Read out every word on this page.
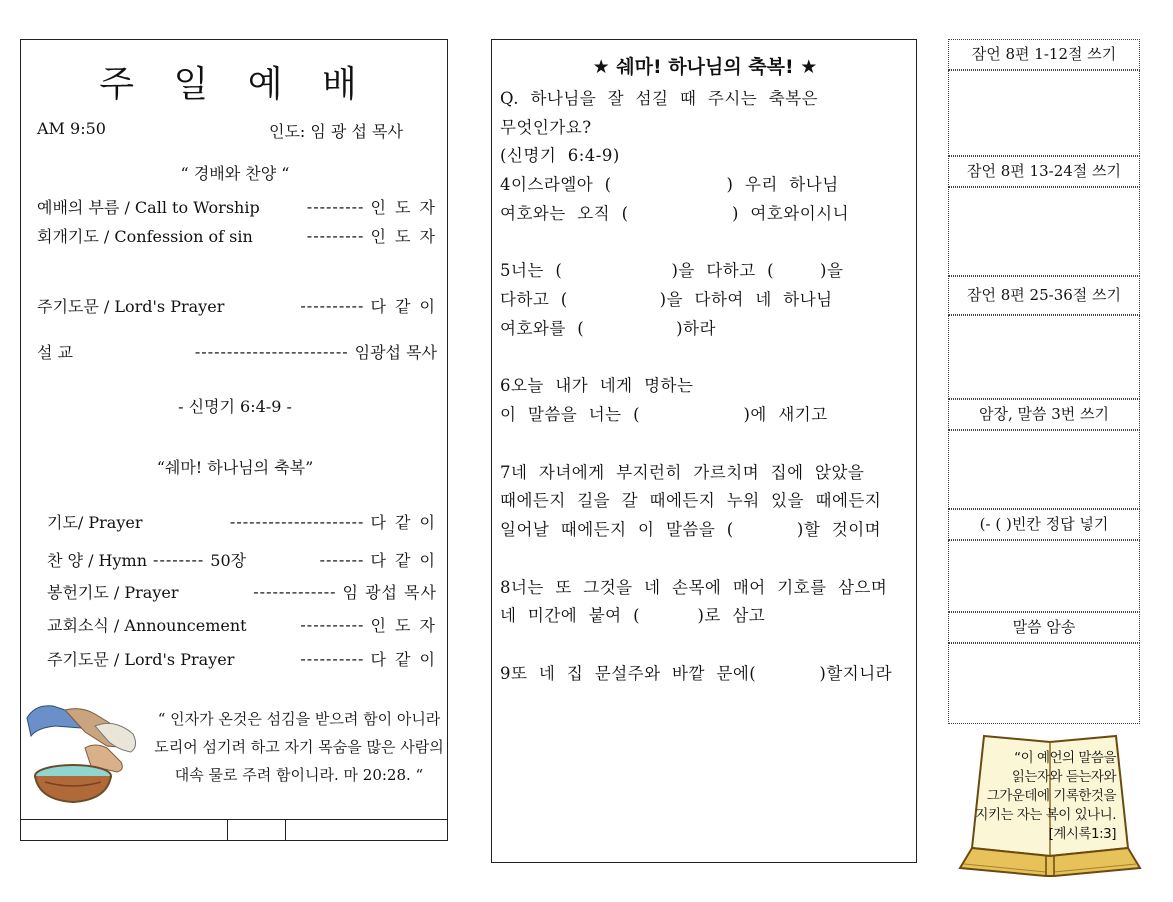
주 일 예 배
AM 9:50	인도: 임 광 섭 목사
“ 경배와 찬양 “
예배의 부름 / Call to Worship	--------- 인 도 자
회개기도 / Confession of sin	--------- 인 도 자
주기도문 / Lord's Prayer	---------- 다 같 이
설 교	------------------------ 임광섭 목사
- 신명기 6:4-9 -
“쉐마! 하나님의 축복”
기도/ Prayer	--------------------- 다 같 이
찬 양 / Hymn -------- 50장	------- 다 같 이
봉헌기도 / Prayer	------------- 임 광섭 목사
교회소식 / Announcement	---------- 인 도 자
주기도문 / Lord's Prayer	---------- 다 같 이
“ 인자가 온것은 섬김을 받으려 함이 아니라
도리어 섬기려 하고 자기 목숨을 많은 사람의
대속 물로 주려 함이니라. 마 20:28. “
★ 쉐마! 하나님의 축복! ★
Q.  하나님을  잘  섬길  때  주시는  축복은
무엇인가요?
(신명기  6:4-9)
4이스라엘아  (                    )  우리  하나님
여호와는  오직  (                  )  여호와이시니
5너는  (                   )을  다하고  (        )을
다하고  (                )을  다하여  네  하나님
여호와를  (                )하라
6오늘  내가  네게  명하는
이  말씀을  너는  (                  )에  새기고
7네  자녀에게  부지런히  가르치며  집에  앉았을
때에든지  길을  갈  때에든지  누워  있을  때에든지
일어날  때에든지  이  말씀을  (           )할  것이며
8너는  또  그것을  네  손목에  매어  기호를  삼으며
네  미간에  붙여  (          )로  삼고
9또  네  집  문설주와  바깥  문에(           )할지니라
잠언 8편 1-12절 쓰기
잠언 8편 13-24절 쓰기
잠언 8편 25-36절 쓰기
암장, 말씀 3번 쓰기
(- ( )빈칸 정답 넣기
말씀 암송
“이 예언의 말씀을
읽는자와 듣는자와
그가운데에 기록한것을
지키는 자는 복이 있나니.
[계시록1:3]
